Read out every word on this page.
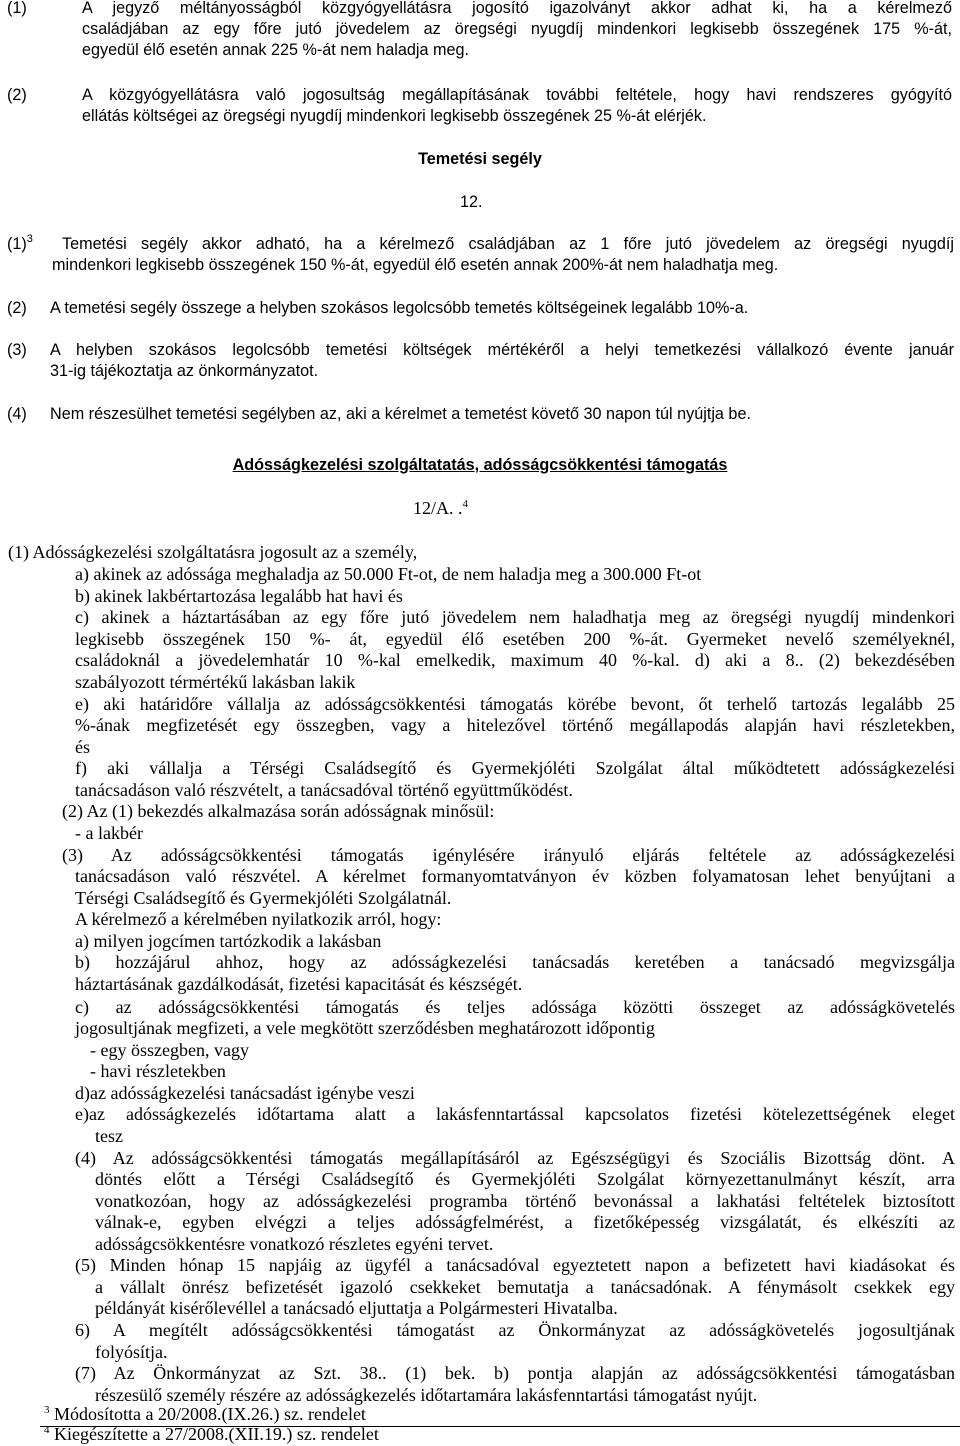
(1)	A jegyző méltányosságból közgyógyellátásra jogosító igazolványt akkor adhat ki, ha a kérelmező
családjában az egy főre jutó jövedelem az öregségi nyugdíj mindenkori legkisebb összegének 175 %-át,
egyedül élő esetén annak 225 %-át nem haladja meg.
(2)	A közgyógyellátásra való jogosultság megállapításának további feltétele, hogy havi rendszeres gyógyító
ellátás költségei az öregségi nyugdíj mindenkori legkisebb összegének 25 %-át elérjék.
Temetési segély
12.
$(1)^3$ Temetési segély akkor adható, ha a kérelmező családjában az 1 főre jutó jövedelem az öregségi nyugdíj
mindenkori legkisebb összegének 150 %-át, egyedül élő esetén annak 200%-át nem haladhatja meg.
(2) A temetési segély összege a helyben szokásos legolcsóbb temetés költségeinek legalább 10%-a.
(3) A helyben szokásos legolcsóbb temetési költségek mértékéről a helyi temetkezési vállalkozó évente január
31-ig tájékoztatja az önkormányzatot.
(4) Nem részesülhet temetési segélyben az, aki a kérelmet a temetést követő 30 napon túl nyújtja be.
Adósságkezelési szolgáltatatás, adósságcsökkentési támogatás
12/A. .$^4$
(1) Adósságkezelési szolgáltatásra jogosult az a személy,
a) akinek az adóssága meghaladja az 50.000 Ft-ot, de nem haladja meg a 300.000 Ft-ot
b) akinek lakbértartozása legalább hat havi és
c) akinek a háztartásában az egy főre jutó jövedelem nem haladhatja meg az öregségi nyugdíj mindenkori
legkisebb összegének 150 %- át, egyedül élő esetében 200 %-át. Gyermeket nevelő személyeknél,
családoknál a jövedelemhatár 10 %-kal emelkedik, maximum 40 %-kal. d) aki a 8.. (2) bekezdésében
szabályozott térmértékű lakásban lakik
e) aki határidőre vállalja az adósságcsökkentési támogatás körébe bevont, őt terhelő tartozás legalább 25
%-ának megfizetését egy összegben, vagy a hitelezővel történő megállapodás alapján havi részletekben,
és
f) aki vállalja a Térségi Családsegítő és Gyermekjóléti Szolgálat által működtetett adósságkezelési
tanácsadáson való részvételt, a tanácsadóval történő együttműködést.
(2) Az (1) bekezdés alkalmazása során adósságnak minősül:
- a lakbér
(3) Az adósságcsökkentési támogatás igénylésére irányuló eljárás feltétele az adósságkezelési
tanácsadáson való részvétel. A kérelmet formanyomtatványon év közben folyamatosan lehet benyújtani a
Térségi Családsegítő és Gyermekjóléti Szolgálatnál.
A kérelmező a kérelmében nyilatkozik arról, hogy:
a) milyen jogcímen tartózkodik a lakásban
b) hozzájárul ahhoz, hogy az adósságkezelési tanácsadás keretében a tanácsadó megvizsgálja
háztartásának gazdálkodását, fizetési kapacitását és készségét.
c) az adósságcsökkentési támogatás és teljes adóssága közötti összeget az adósságkövetelés
jogosultjának megfizeti, a vele megkötött szerződésben meghatározott időpontig
- egy összegben, vagy
- havi részletekben
d)az adósságkezelési tanácsadást igénybe veszi
e)az adósságkezelés időtartama alatt a lakásfenntartással kapcsolatos fizetési kötelezettségének eleget
tesz
(4) Az adósságcsökkentési támogatás megállapításáról az Egészségügyi és Szociális Bizottság dönt. A
döntés előtt a Térségi Családsegítő és Gyermekjóléti Szolgálat környezettanulmányt készít, arra
vonatkozóan, hogy az adósságkezelési programba történő bevonással a lakhatási feltételek biztosított
válnak-e, egyben elvégzi a teljes adósságfelmérést, a fizetőképesség vizsgálatát, és elkészíti az
adósságcsökkentésre vonatkozó részletes egyéni tervet.
(5) Minden hónap 15 napjáig az ügyfél a tanácsadóval egyeztetett napon a befizetett havi kiadásokat és
a vállalt önrész befizetését igazoló csekkeket bemutatja a tanácsadónak. A fénymásolt csekkek egy
példányát kisérőlevéllel a tanácsadó eljuttatja a Polgármesteri Hivatalba.
6) A megítélt adósságcsökkentési támogatást az Önkormányzat az adósságkövetelés jogosultjának
folyósítja.
(7) Az Önkormányzat az Szt. 38.. (1) bek. b) pontja alapján az adósságcsökkentési támogatásban
részesülő személy részére az adósságkezelés időtartamára lakásfenntartási támogatást nyújt.
$^3$ Módosította a 20/2008.(IX.26.) sz. rendelet
$^4$ Kiegészítette a 27/2008.(XII.19.) sz. rendelet
